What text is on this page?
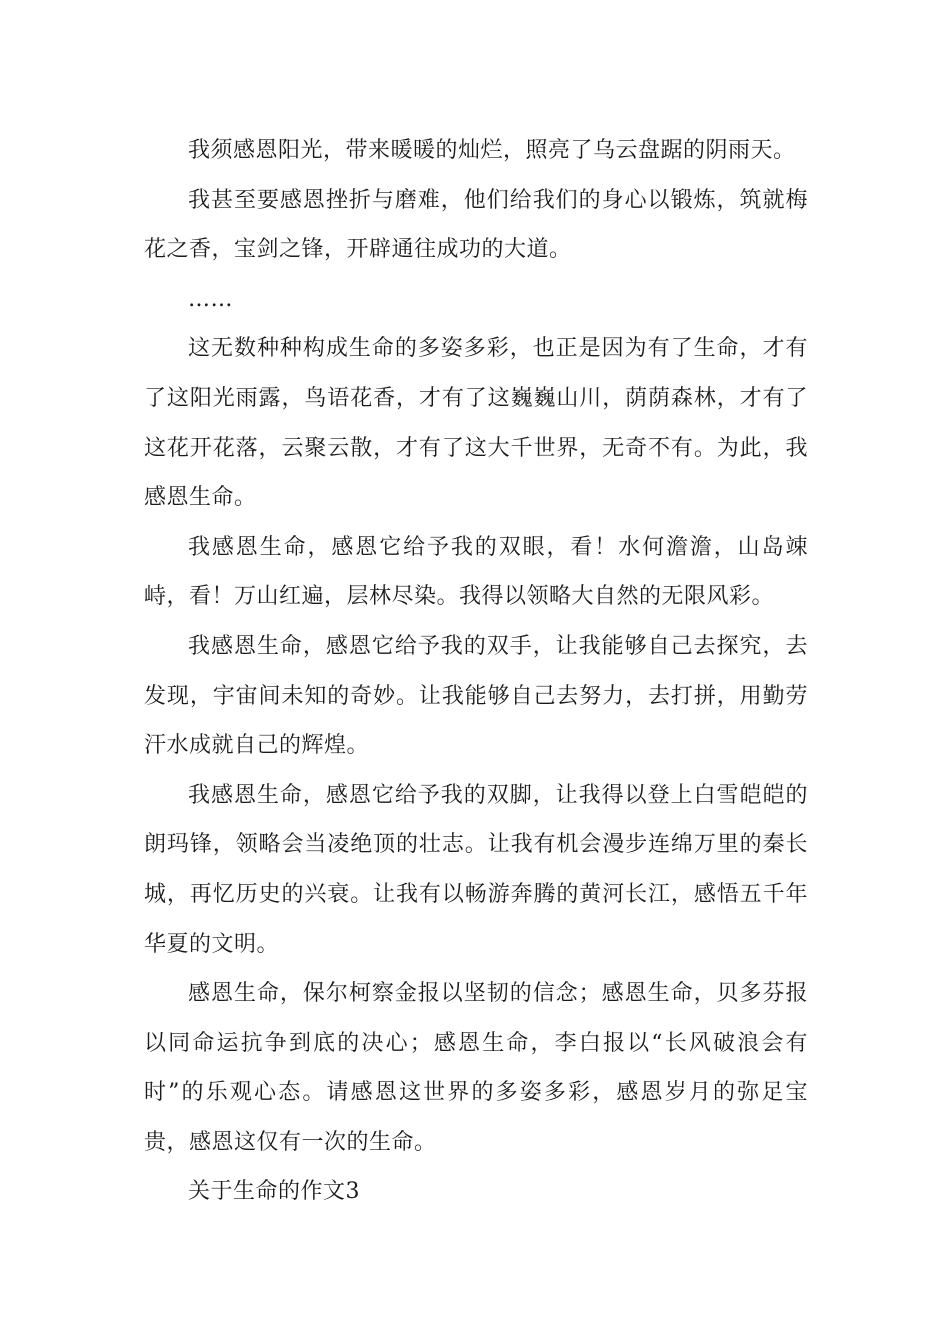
我须感恩阳光，带来暖暖的灿烂，照亮了乌云盘踞的阴雨天。

我甚至要感恩挫折与磨难，他们给我们的身心以锻炼，筑就梅花之香，宝剑之锋，开辟通往成功的大道。

……

这无数种种构成生命的多姿多彩，也正是因为有了生命，才有了这阳光雨露，鸟语花香，才有了这巍巍山川，荫荫森林，才有了这花开花落，云聚云散，才有了这大千世界，无奇不有。为此，我感恩生命。

我感恩生命，感恩它给予我的双眼，看！水何澹澹，山岛竦峙，看！万山红遍，层林尽染。我得以领略大自然的无限风彩。

我感恩生命，感恩它给予我的双手，让我能够自己去探究，去发现，宇宙间未知的奇妙。让我能够自己去努力，去打拼，用勤劳汗水成就自己的辉煌。

我感恩生命，感恩它给予我的双脚，让我得以登上白雪皑皑的朗玛锋，领略会当凌绝顶的壮志。让我有机会漫步连绵万里的秦长城，再忆历史的兴衰。让我有以畅游奔腾的黄河长江，感悟五千年华夏的文明。

感恩生命，保尔柯察金报以坚韧的信念；感恩生命，贝多芬报以同命运抗争到底的决心；感恩生命，李白报以“长风破浪会有时”的乐观心态。请感恩这世界的多姿多彩，感恩岁月的弥足宝贵，感恩这仅有一次的生命。

关于生命的作文3
